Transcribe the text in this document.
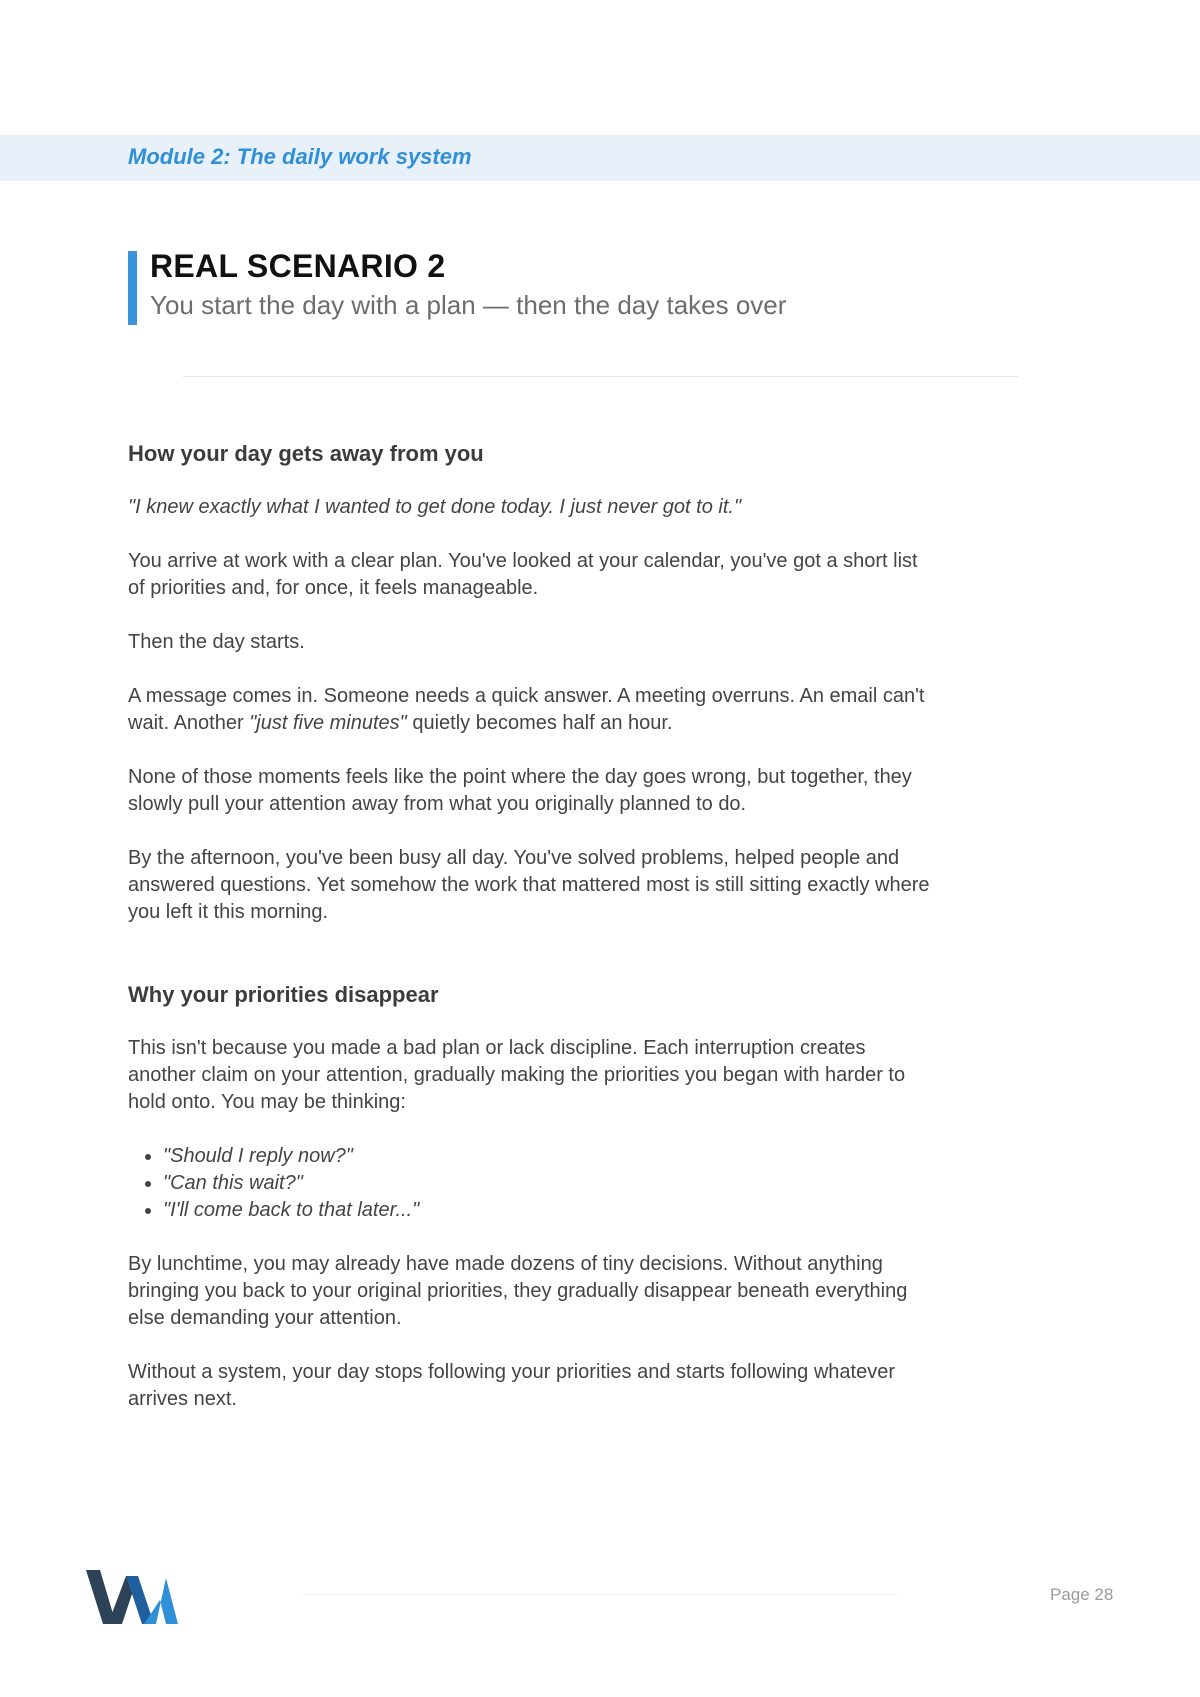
Module 2: The daily work system
REAL SCENARIO 2
You start the day with a plan — then the day takes over
How your day gets away from you

"I knew exactly what I wanted to get done today. I just never got to it."

You arrive at work with a clear plan. You've looked at your calendar, you've got a short list of priorities and, for once, it feels manageable.

Then the day starts.

A message comes in. Someone needs a quick answer. A meeting overruns. An email can't wait. Another "just five minutes" quietly becomes half an hour.

None of those moments feels like the point where the day goes wrong, but together, they slowly pull your attention away from what you originally planned to do.

By the afternoon, you've been busy all day. You've solved problems, helped people and answered questions. Yet somehow the work that mattered most is still sitting exactly where you left it this morning.

Why your priorities disappear

This isn't because you made a bad plan or lack discipline. Each interruption creates another claim on your attention, gradually making the priorities you began with harder to hold onto. You may be thinking:

• "Should I reply now?"
• "Can this wait?"
• "I'll come back to that later..."

By lunchtime, you may already have made dozens of tiny decisions. Without anything bringing you back to your original priorities, they gradually disappear beneath everything else demanding your attention.

Without a system, your day stops following your priorities and starts following whatever arrives next.

Page 28
